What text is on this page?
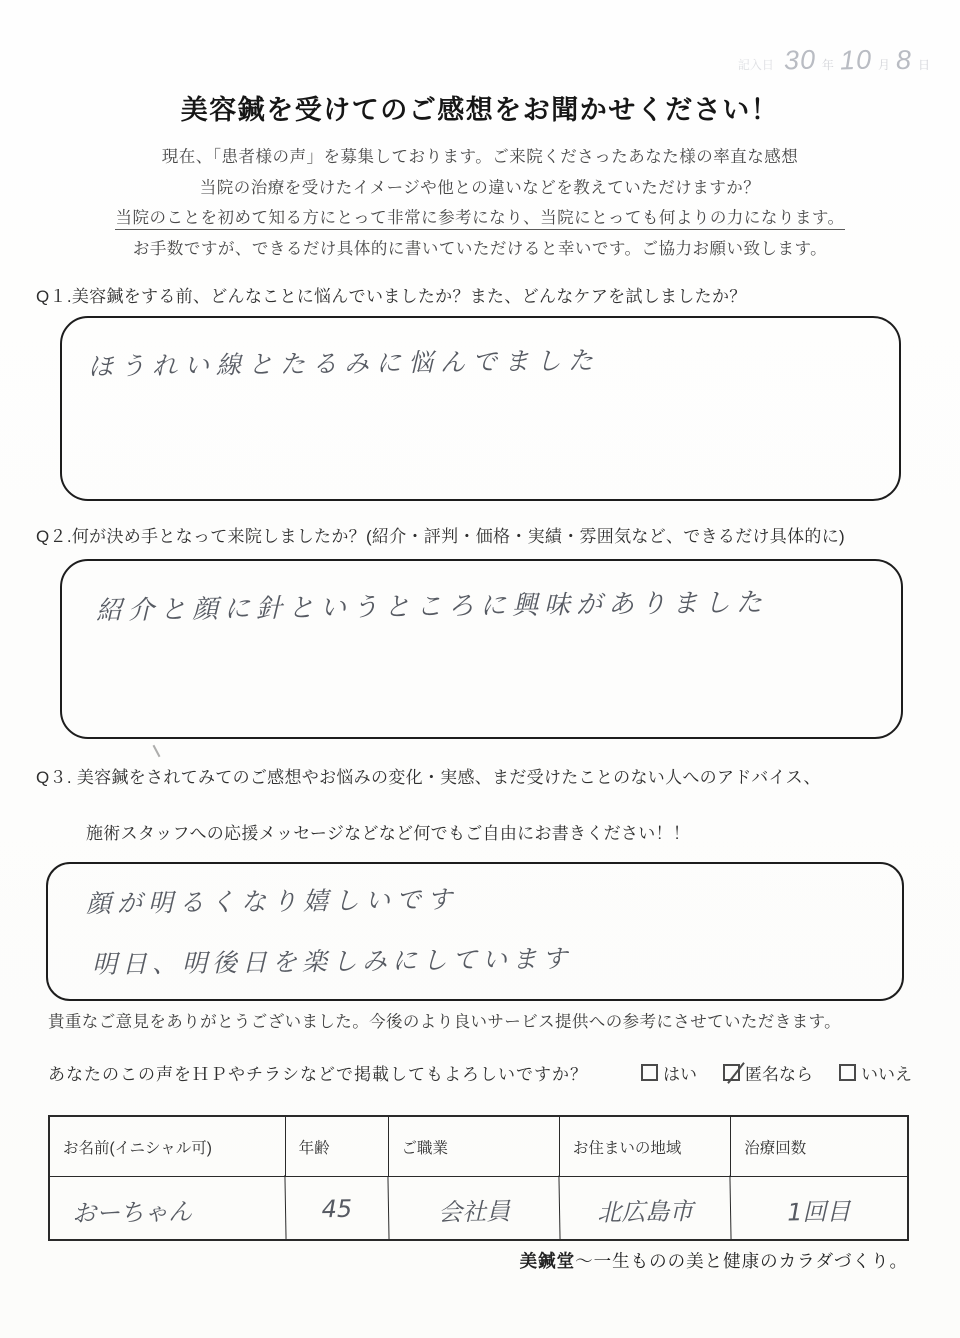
記入日 30 年 10 月 8 日
美容鍼を受けてのご感想をお聞かせください！
現在、「患者様の声」を募集しております。ご来院くださったあなた様の率直な感想
当院の治療を受けたイメージや他との違いなどを教えていただけますか？
当院のことを初めて知る方にとって非常に参考になり、当院にとっても何よりの力になります。
お手数ですが、できるだけ具体的に書いていただけると幸いです。ご協力お願い致します。
Q１.美容鍼をする前、どんなことに悩んでいましたか？また、どんなケアを試しましたか？
ほうれい線とたるみに悩んでました
Q２.何が決め手となって来院しましたか？(紹介・評判・価格・実績・雰囲気など、できるだけ具体的に)
紹介と顔に針というところに興味がありました
Q３. 美容鍼をされてみてのご感想やお悩みの変化・実感、まだ受けたことのない人へのアドバイス、
施術スタッフへの応援メッセージなどなど何でもご自由にお書きください！！
顔が明るくなり嬉しいです
明日、明後日を楽しみにしています
貴重なご意見をありがとうございました。今後のより良いサービス提供への参考にさせていただきます。
あなたのこの声をＨＰやチラシなどで掲載してもよろしいですか？	はい	匿名なら	いいえ
お名前(イニシャル可)	年齢	ご職業	お住まいの地域	治療回数
おーちゃん	45	会社員	北広島市	1回目
美鍼堂～一生ものの美と健康のカラダづくり。
